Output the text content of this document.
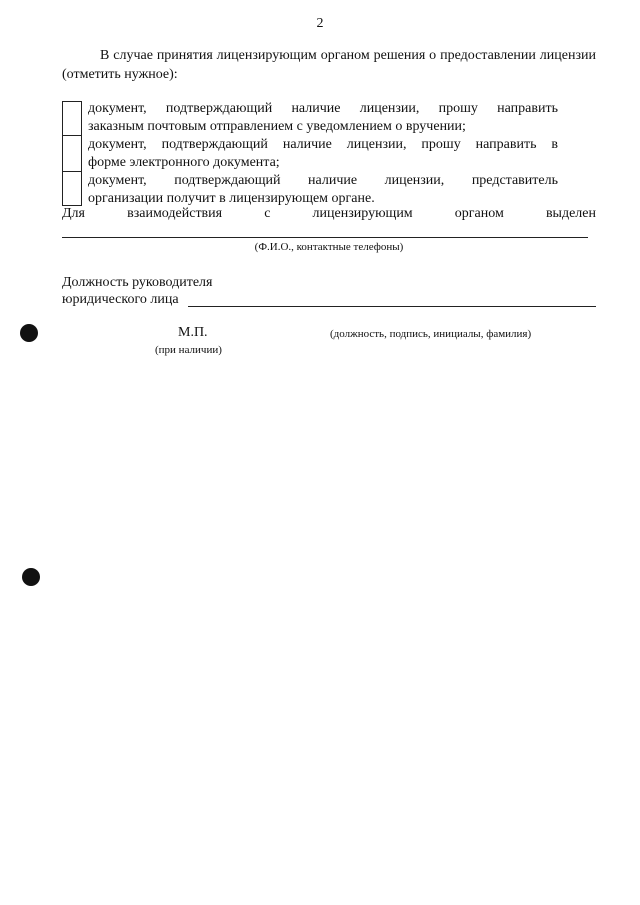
2
В случае принятия лицензирующим органом решения о предоставлении лицензии (отметить нужное):
документ, подтверждающий наличие лицензии, прошу направить
заказным почтовым отправлением с уведомлением о вручении;
документ, подтверждающий наличие лицензии, прошу направить в
форме электронного документа;
документ, подтверждающий наличие лицензии, представитель
организации получит в лицензирующем органе.
Для взаимодействия с лицензирующим органом выделен
(Ф.И.О., контактные телефоны)
Должность руководителя
юридического лица
М.П.
(при наличии)
(должность, подпись, инициалы, фамилия)
